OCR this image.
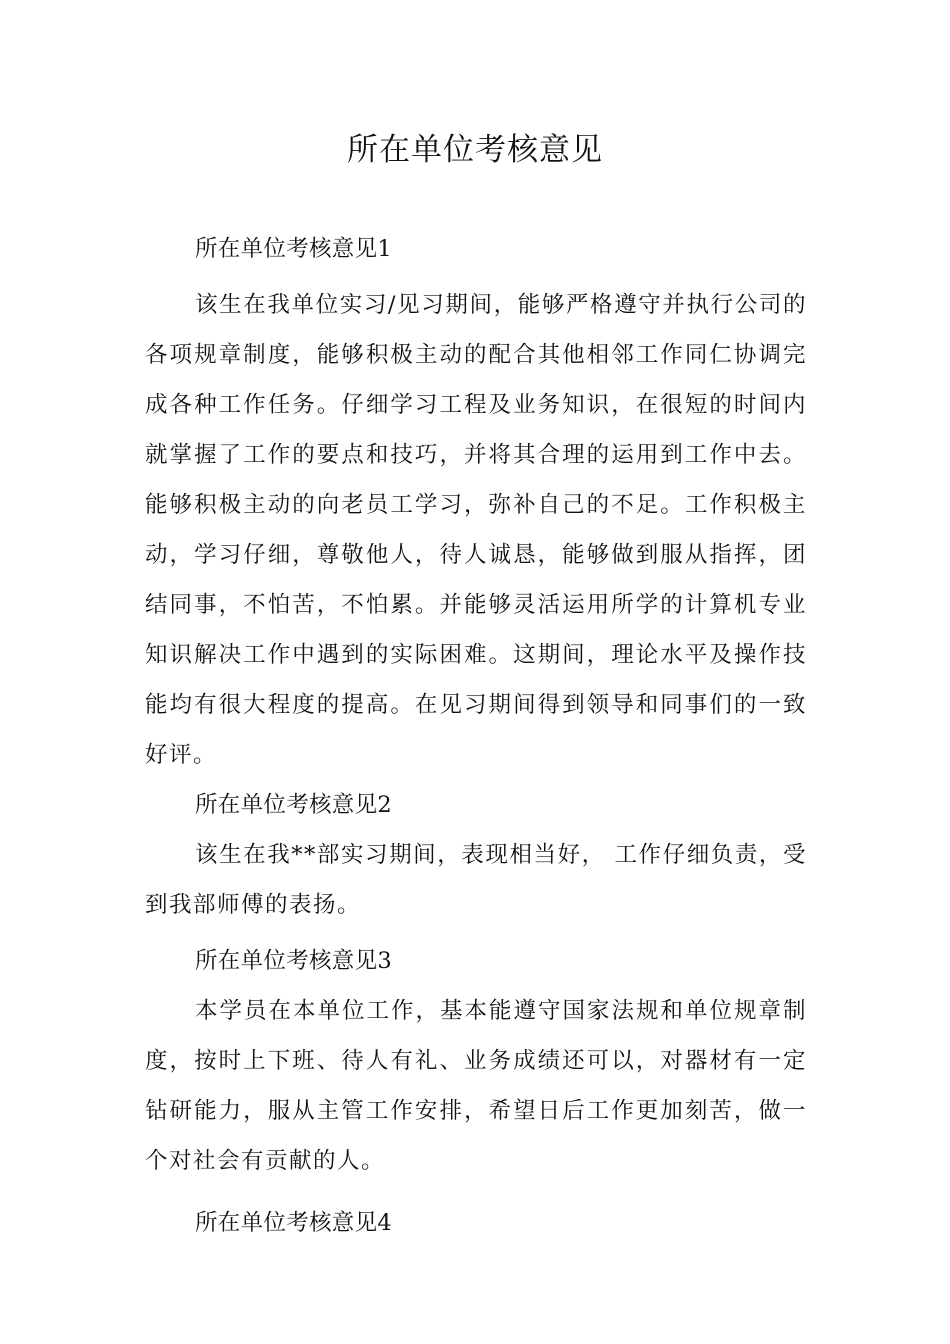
所在单位考核意见

所在单位考核意见1

该生在我单位实习/见习期间，能够严格遵守并执行公司的各项规章制度，能够积极主动的配合其他相邻工作同仁协调完成各种工作任务。仔细学习工程及业务知识，在很短的时间内就掌握了工作的要点和技巧，并将其合理的运用到工作中去。能够积极主动的向老员工学习，弥补自己的不足。工作积极主动，学习仔细，尊敬他人，待人诚恳，能够做到服从指挥，团结同事，不怕苦，不怕累。并能够灵活运用所学的计算机专业知识解决工作中遇到的实际困难。这期间，理论水平及操作技能均有很大程度的提高。在见习期间得到领导和同事们的一致好评。

所在单位考核意见2

该生在我**部实习期间，表现相当好， 工作仔细负责，受到我部师傅的表扬。

所在单位考核意见3

本学员在本单位工作，基本能遵守国家法规和单位规章制度，按时上下班、待人有礼、业务成绩还可以，对器材有一定钻研能力，服从主管工作安排，希望日后工作更加刻苦，做一个对社会有贡献的人。

所在单位考核意见4
